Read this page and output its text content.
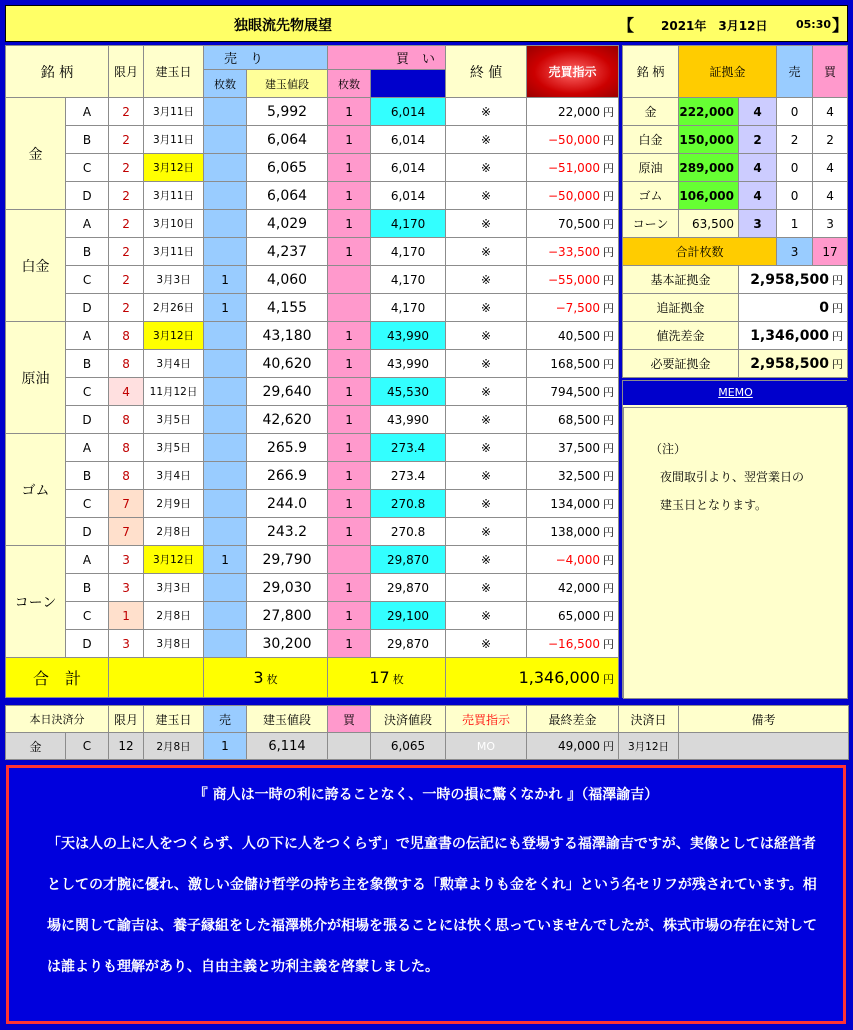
独眼流先物展望	【 2021年　3月12日	05:30 】
銘 柄		限月	建玉日	売　り		買　い		終 値	売買指示	
				枚数	建玉値段	枚数				
金	A	2	3月11日		5,992	1	6,014	※	22,000 円	
	B	2	3月11日		6,064	1	6,014	※	−50,000 円	
	C	2	3月12日		6,065	1	6,014	※	−51,000 円	
	D	2	3月11日		6,064	1	6,014	※	−50,000 円	
白金	A	2	3月10日		4,029	1	4,170	※	70,500 円	
	B	2	3月11日		4,237	1	4,170	※	−33,500 円	
	C	2	3月3日	1	4,060		4,170	※	−55,000 円	
	D	2	2月26日	1	4,155		4,170	※	−7,500 円	
原油	A	8	3月12日		43,180	1	43,990	※	40,500 円	
	B	8	3月4日		40,620	1	43,990	※	168,500 円	
	C	4	11月12日		29,640	1	45,530	※	794,500 円	
	D	8	3月5日		42,620	1	43,990	※	68,500 円	
ゴム	A	8	3月5日		265.9	1	273.4	※	37,500 円	
	B	8	3月4日		266.9	1	273.4	※	32,500 円	
	C	7	2月9日		244.0	1	270.8	※	134,000 円	
	D	7	2月8日		243.2	1	270.8	※	138,000 円	
コーン	A	3	3月12日	1	29,790		29,870	※	−4,000 円	
	B	3	3月3日		29,030	1	29,870	※	42,000 円	
	C	1	2月8日		27,800	1	29,100	※	65,000 円	
	D	3	3月8日		30,200	1	29,870	※	−16,500 円	
合　計				3 枚		17 枚		1,346,000 円		
銘 柄	証拠金		売	買
金	222,000	4	0	4
白金	150,000	2	2	2
原油	289,000	4	0	4
ゴム	106,000	4	0	4
コーン	63,500	3	1	3
合計枚数			3	17
基本証拠金		2,958,500 円		
追証拠金		0 円		
値洗差金		1,346,000 円		
必要証拠金		2,958,500 円		
MEMO

（注）

夜間取引より、翌営業日の

建玉日となります。

本日決済分		限月	建玉日	売	建玉値段	買	決済値段	売買指示	最終差金	決済日	備考
金	C	12	2月8日	1	6,114		6,065	MO	49,000 円	3月12日	
『 商人は一時の利に誇ることなく、一時の損に驚くなかれ 』（福澤諭吉）
「天は人の上に人をつくらず、人の下に人をつくらず」で児童書の伝記にも登場する福澤諭吉ですが、実像としては経営者としての才腕に優れ、激しい金儲け哲学の持ち主を象徴する「勲章よりも金をくれ」という名セリフが残されています。相場に関して諭吉は、養子縁組をした福澤桃介が相場を張ることには快く思っていませんでしたが、株式市場の存在に対しては誰よりも理解があり、自由主義と功利主義を啓蒙しました。
